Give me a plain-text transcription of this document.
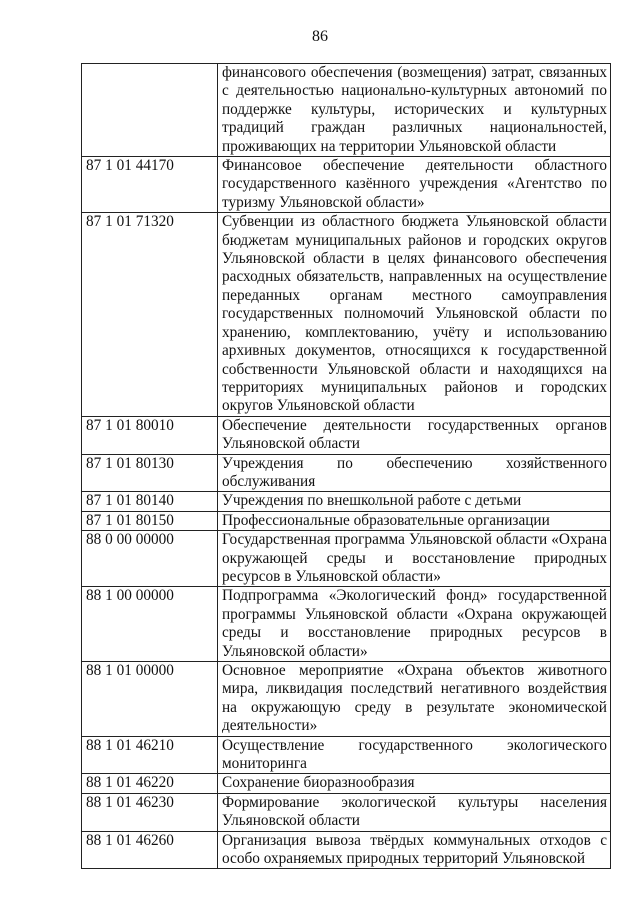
86
	финансового обеспечения (возмещения) затрат, связанных с деятельностью национально-культурных автономий по поддержке культуры, исторических и культурных традиций граждан различных национальностей, проживающих на территории Ульяновской области
87 1 01 44170	Финансовое обеспечение деятельности областного государственного казённого учреждения «Агентство по туризму Ульяновской области»
87 1 01 71320	Субвенции из областного бюджета Ульяновской области бюджетам муниципальных районов и городских округов Ульяновской области в целях финансового обеспечения расходных обязательств, направленных на осуществление переданных органам местного самоуправления государственных полномочий Ульяновской области по хранению, комплектованию, учёту и использованию архивных документов, относящихся к государственной собственности Ульяновской области и находящихся на территориях муниципальных районов и городских округов Ульяновской области
87 1 01 80010	Обеспечение деятельности государственных органов Ульяновской области
87 1 01 80130	Учреждения по обеспечению хозяйственного обслуживания
87 1 01 80140	Учреждения по внешкольной работе с детьми
87 1 01 80150	Профессиональные образовательные организации
88 0 00 00000	Государственная программа Ульяновской области «Охрана окружающей среды и восстановление природных ресурсов в Ульяновской области»
88 1 00 00000	Подпрограмма «Экологический фонд» государственной программы Ульяновской области «Охрана окружающей среды и восстановление природных ресурсов в Ульяновской области»
88 1 01 00000	Основное мероприятие «Охрана объектов животного мира, ликвидация последствий негативного воздействия на окружающую среду в результате экономической деятельности»
88 1 01 46210	Осуществление государственного экологического мониторинга
88 1 01 46220	Сохранение биоразнообразия
88 1 01 46230	Формирование экологической культуры населения Ульяновской области
88 1 01 46260	Организация вывоза твёрдых коммунальных отходов с особо охраняемых природных территорий Ульяновской
